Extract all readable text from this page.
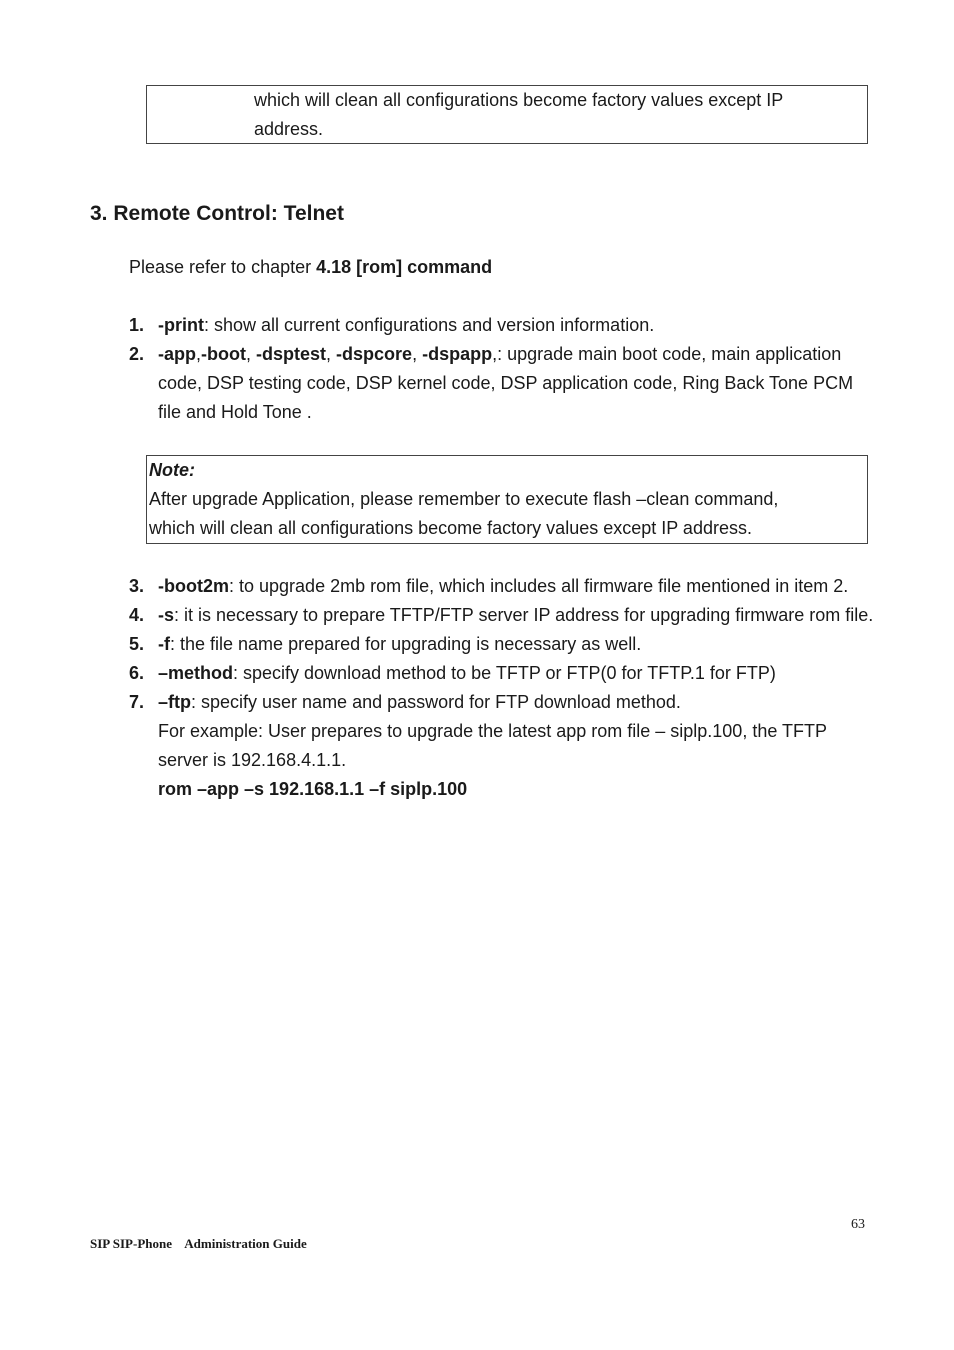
which will clean all configurations become factory values except IP address.

3. Remote Control: Telnet

Please refer to chapter 4.18 [rom] command

1. -print: show all current configurations and version information.
2. -app,-boot, -dsptest, -dspcore, -dspapp,: upgrade main boot code, main application code, DSP testing code, DSP kernel code, DSP application code, Ring Back Tone PCM file and Hold Tone .

Note:

After upgrade Application, please remember to execute flash –clean command,

which will clean all configurations become factory values except IP address.

3. -boot2m: to upgrade 2mb rom file, which includes all firmware file mentioned in item 2.
4. -s: it is necessary to prepare TFTP/FTP server IP address for upgrading firmware rom file.
5. -f: the file name prepared for upgrading is necessary as well.
6. –method: specify download method to be TFTP or FTP(0 for TFTP.1 for FTP)
7. –ftp: specify user name and password for FTP download method.
For example: User prepares to upgrade the latest app rom file – siplp.100, the TFTP server is 192.168.4.1.1.
rom –app –s 192.168.1.1 –f siplp.100

63

SIP SIP-Phone    Administration Guide
